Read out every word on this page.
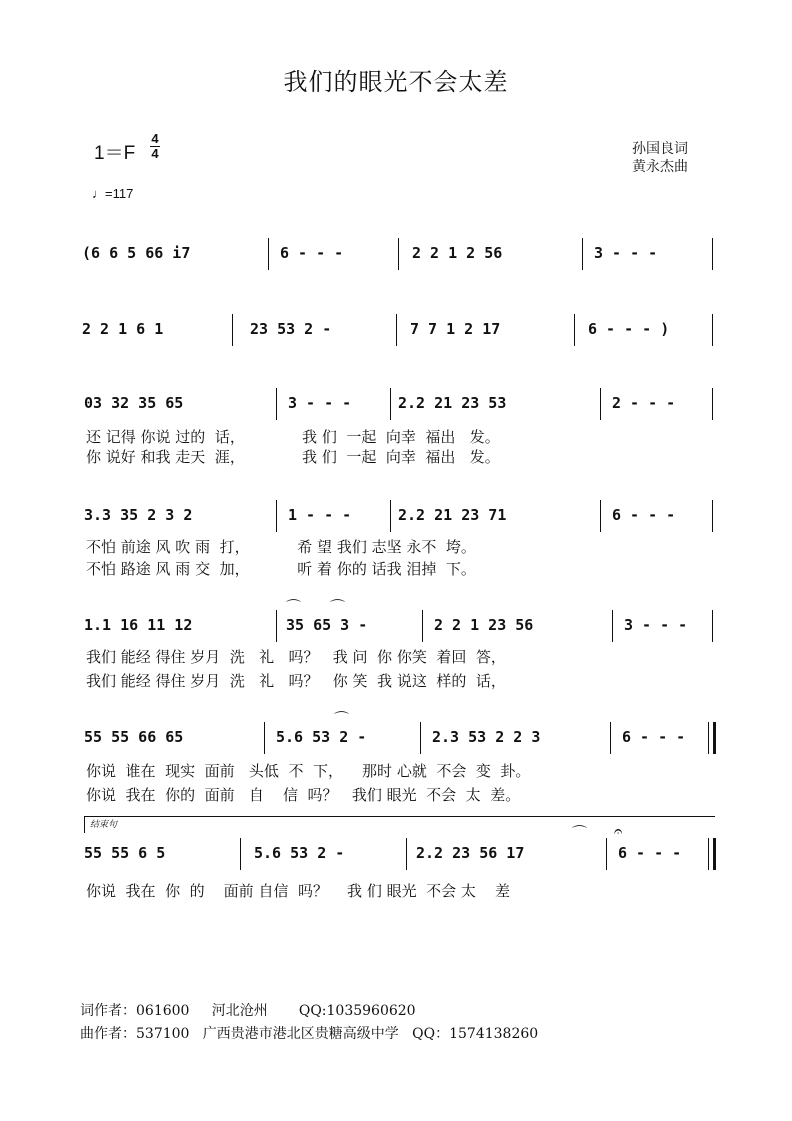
我们的眼光不会太差
1＝F
4
4
♩=117
孙国良词
黄永杰曲
(6 6 5 66 i7	6 - - -	2 2 1 2 56	3 - - -
2 2 1 6 1	23 53 2 -	7 7 1 2 17	6 - - - )
03 32 35 65	3 - - -	2.2 21 23 53	2 - - -
还 记得 你说 过的  话，            我 们  一起  向幸  福出   发。
你 说好 和我 走天  涯，            我 们  一起  向幸  福出   发。
3.3 35 2 3 2	1 - - -	2.2 21 23 71	6 - - -
不怕 前途 风 吹 雨  打，          希 望 我们 志坚 永不  垮。
不怕 路途 风 雨 交  加，          听 着 你的 话我 泪掉  下。
⌒ ⌒
1.1 16 11 12	35 65 3 -	2 2 1 23 56	3 - - -
我们 能经 得住 岁月  洗   礼   吗？   我 问  你 你笑  着回  答，
我们 能经 得住 岁月  洗   礼   吗？   你 笑  我 说这  样的  话，
⌒
55 55 66 65	5.6 53 2 -	2.3 53 2 2 3	6 - - -
你说  谁在  现实  面前   头低  不  下，    那时 心就  不会  变  卦。
你说  我在  你的  面前   自    信  吗？   我们 眼光  不会  太  差。
结束句	⌒ 𝄐
55 55 6 5	5.6 53 2 -	2.2 23 56 17	6 - - -
你说  我在  你  的    面前 自信  吗？    我 们 眼光  不会 太    差
词作者：061600     河北沧州       QQ:1035960620
曲作者：537100   广西贵港市港北区贵糖高级中学   QQ：1574138260
